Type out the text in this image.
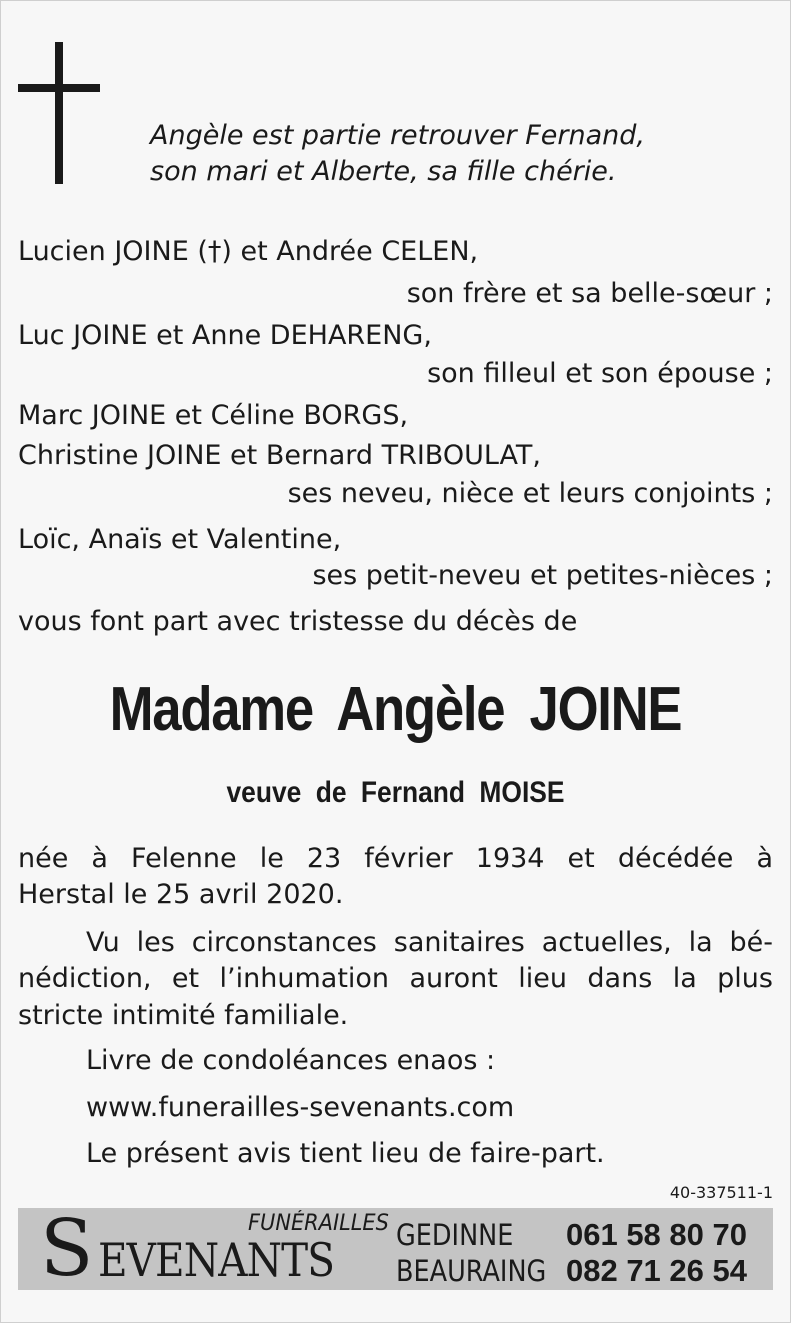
Angèle est partie retrouver Fernand,
son mari et Alberte, sa fille chérie.
Lucien JOINE (†) et Andrée CELEN,
son frère et sa belle-sœur ;
Luc JOINE et Anne DEHARENG,
son filleul et son épouse ;
Marc JOINE et Céline BORGS,
Christine JOINE et Bernard TRIBOULAT,
ses neveu, nièce et leurs conjoints ;
Loïc, Anaïs et Valentine,
ses petit-neveu et petites-nièces ;
vous font part avec tristesse du décès de
Madame Angèle JOINE
veuve de Fernand MOISE
née à Felenne le 23 février 1934 et décédée à
Herstal le 25 avril 2020.
Vu les circonstances sanitaires actuelles, la bé-
nédiction, et l’inhumation auront lieu dans la plus
stricte intimité familiale.
Livre de condoléances enaos :
www.funerailles-sevenants.com
Le présent avis tient lieu de faire-part.
40-337511-1
S EVENANTS
FUNÉRAILLES GEDINNE 061 58 80 70
BEAURAING 082 71 26 54
